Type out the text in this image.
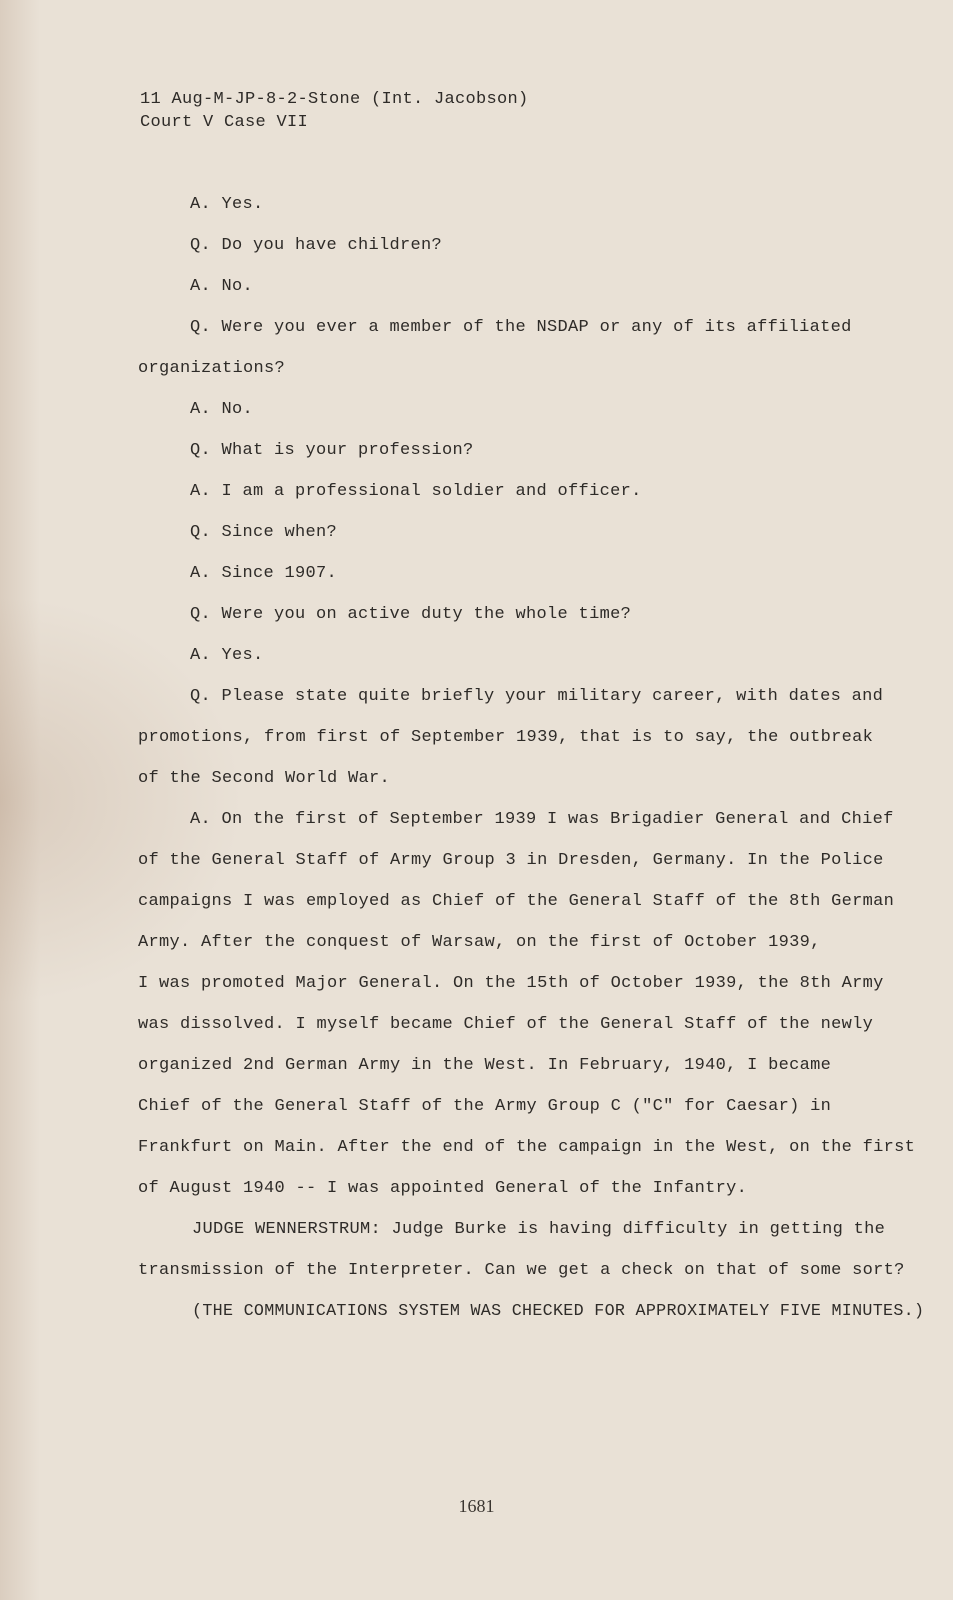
11 Aug-M-JP-8-2-Stone (Int. Jacobson)
Court V Case VII
A. Yes.
Q. Do you have children?
A. No.
Q. Were you ever a member of the NSDAP or any of its affiliated
organizations?
A. No.
Q. What is your profession?
A. I am a professional soldier and officer.
Q. Since when?
A. Since 1907.
Q. Were you on active duty the whole time?
A. Yes.
Q. Please state quite briefly your military career, with dates and
promotions, from first of September 1939, that is to say, the outbreak
of the Second World War.
A. On the first of September 1939 I was Brigadier General and Chief
of the General Staff of Army Group 3 in Dresden, Germany. In the Police
campaigns I was employed as Chief of the General Staff of the 8th German
Army. After the conquest of Warsaw, on the first of October 1939,
I was promoted Major General. On the 15th of October 1939, the 8th Army
was dissolved. I myself became Chief of the General Staff of the newly
organized 2nd German Army in the West. In February, 1940, I became
Chief of the General Staff of the Army Group C ("C" for Caesar) in
Frankfurt on Main. After the end of the campaign in the West, on the first
of August 1940 -- I was appointed General of the Infantry.
JUDGE WENNERSTRUM: Judge Burke is having difficulty in getting the
transmission of the Interpreter. Can we get a check on that of some sort?
(THE COMMUNICATIONS SYSTEM WAS CHECKED FOR APPROXIMATELY FIVE MINUTES.)
1681
